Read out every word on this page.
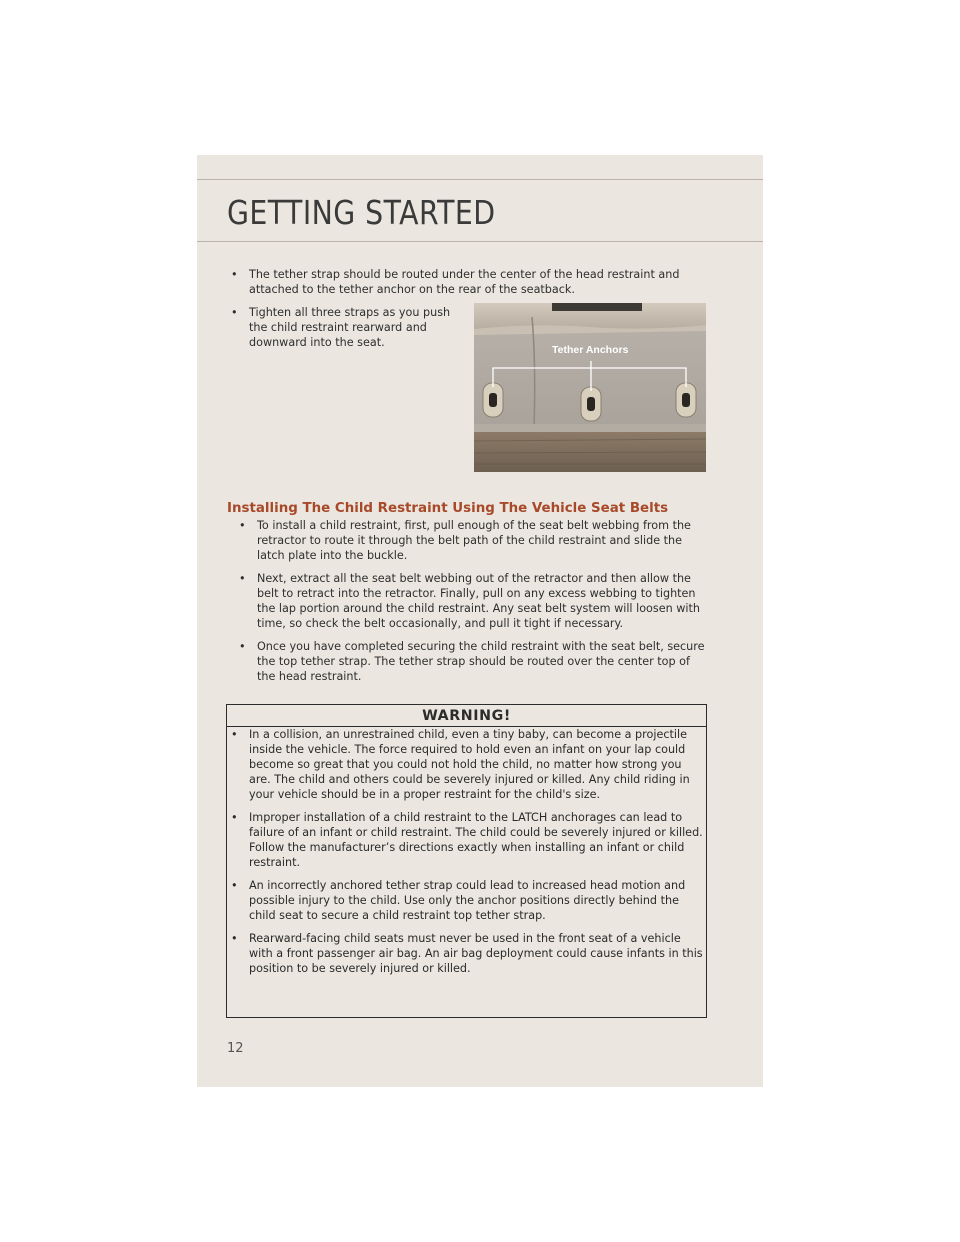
GETTING STARTED
• The tether strap should be routed under the center of the head restraint and attached to the tether anchor on the rear of the seatback.
• Tighten all three straps as you push the child restraint rearward and downward into the seat.
Tether Anchors
Installing The Child Restraint Using The Vehicle Seat Belts
• To install a child restraint, first, pull enough of the seat belt webbing from the retractor to route it through the belt path of the child restraint and slide the latch plate into the buckle.
• Next, extract all the seat belt webbing out of the retractor and then allow the belt to retract into the retractor. Finally, pull on any excess webbing to tighten the lap portion around the child restraint. Any seat belt system will loosen with time, so check the belt occasionally, and pull it tight if necessary.
• Once you have completed securing the child restraint with the seat belt, secure the top tether strap. The tether strap should be routed over the center top of the head restraint.
WARNING!
• In a collision, an unrestrained child, even a tiny baby, can become a projectile inside the vehicle. The force required to hold even an infant on your lap could become so great that you could not hold the child, no matter how strong you are. The child and others could be severely injured or killed. Any child riding in your vehicle should be in a proper restraint for the child's size.
• Improper installation of a child restraint to the LATCH anchorages can lead to failure of an infant or child restraint. The child could be severely injured or killed. Follow the manufacturer’s directions exactly when installing an infant or child restraint.
• An incorrectly anchored tether strap could lead to increased head motion and possible injury to the child. Use only the anchor positions directly behind the child seat to secure a child restraint top tether strap.
• Rearward-facing child seats must never be used in the front seat of a vehicle with a front passenger air bag. An air bag deployment could cause infants in this position to be severely injured or killed.
12
